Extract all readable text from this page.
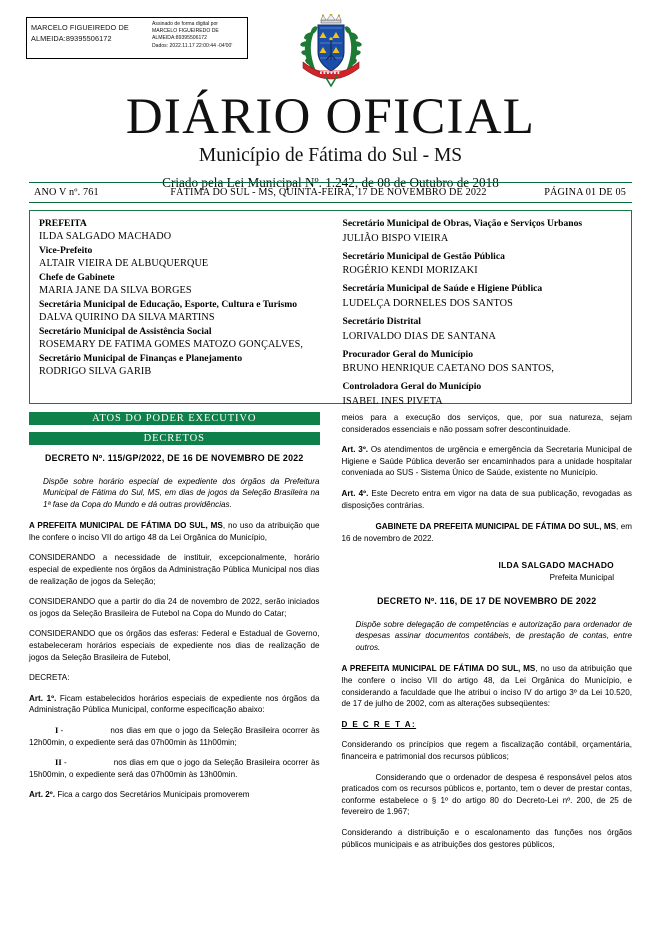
MARCELO FIGUEIREDO DE
ALMEIDA:89395506172
Assinado de forma digital por
MARCELO FIGUEIREDO DE
ALMEIDA:89395506172
Dados: 2022.11.17 22:00:44 -04'00'
DIÁRIO OFICIAL
Município de Fátima do Sul - MS
Criado pela Lei Municipal Nº. 1.242, de 08 de Outubro de 2018
ANO V nº. 761	FÁTIMA DO SUL - MS, QUINTA-FEIRA, 17 DE NOVEMBRO DE 2022	PÁGINA 01 DE 05
PREFEITA
ILDA SALGADO MACHADO
Vice-Prefeito
ALTAIR VIEIRA DE ALBUQUERQUE
Chefe de Gabinete
MARIA JANE DA SILVA BORGES
Secretária Municipal de Educação, Esporte, Cultura e Turismo
DALVA QUIRINO DA SILVA MARTINS
Secretário Municipal de Assistência Social
ROSEMARY DE FATIMA GOMES MATOZO GONÇALVES,
Secretário Municipal de Finanças e Planejamento
RODRIGO SILVA GARIB
Secretário Municipal de Obras, Viação e Serviços Urbanos
JULIÃO BISPO VIEIRA
Secretário Municipal de Gestão Pública
ROGÉRIO KENDI MORIZAKI
Secretária Municipal de Saúde e Higiene Pública
LUDELÇA DORNELES DOS SANTOS
Secretário Distrital
LORIVALDO DIAS DE SANTANA
Procurador Geral do Município
BRUNO HENRIQUE CAETANO DOS SANTOS,
Controladora Geral do Município
ISABEL INES PIVETA
ATOS DO PODER EXECUTIVO
DECRETOS
DECRETO Nº. 115/GP/2022, DE 16 DE NOVEMBRO DE 2022

Dispõe sobre horário especial de expediente dos órgãos da Prefeitura Municipal de Fátima do Sul, MS, em dias de jogos da Seleção Brasileira na 1ª fase da Copa do Mundo e dá outras providências.

A PREFEITA MUNICIPAL DE FÁTIMA DO SUL, MS, no uso da atribuição que lhe confere o inciso VII do artigo 48 da Lei Orgânica do Município,

CONSIDERANDO a necessidade de instituir, excepcionalmente, horário especial de expediente nos órgãos da Administração Pública Municipal nos dias de realização de jogos da Seleção;

CONSIDERANDO que a partir do dia 24 de novembro de 2022, serão iniciados os jogos da Seleção Brasileira de Futebol na Copa do Mundo do Catar;

CONSIDERANDO que os órgãos das esferas: Federal e Estadual de Governo, estabeleceram horários especiais de expediente nos dias de realização de jogos da Seleção Brasileira de Futebol,

DECRETA:

Art. 1º. Ficam estabelecidos horários especiais de expediente nos órgãos da Administração Pública Municipal, conforme especificação abaixo:

I -	nos dias em que o jogo da Seleção Brasileira ocorrer às 12h00min, o expediente será das 07h00min às 11h00min;

II -	nos dias em que o jogo da Seleção Brasileira ocorrer às 15h00min, o expediente será das 07h00min às 13h00min.

Art. 2º. Fica a cargo dos Secretários Municipais promoverem

meios para a execução dos serviços, que, por sua natureza, sejam considerados essenciais e não possam sofrer descontinuidade.

Art. 3º. Os atendimentos de urgência e emergência da Secretaria Municipal de Higiene e Saúde Pública deverão ser encaminhados para a unidade hospitalar conveniada ao SUS - Sistema Único de Saúde, existente no Município.

Art. 4º. Este Decreto entra em vigor na data de sua publicação, revogadas as disposições contrárias.

GABINETE DA PREFEITA MUNICIPAL DE FÁTIMA DO SUL, MS, em 16 de novembro de 2022.

ILDA SALGADO MACHADO

Prefeita Municipal

DECRETO Nº. 116, DE 17 DE NOVEMBRO DE 2022

Dispõe sobre delegação de competências e autorização para ordenador de despesas assinar documentos contábeis, de prestação de contas, entre outros.

A PREFEITA MUNICIPAL DE FÁTIMA DO SUL, MS, no uso da atribuição que lhe confere o inciso VII do artigo 48, da Lei Orgânica do Município, e considerando a faculdade que lhe atribui o inciso IV do artigo 3º da Lei 10.520, de 17 de julho de 2002, com as alterações subseqüentes:

D E C R E T A:

Considerando os princípios que regem a fiscalização contábil, orçamentária, financeira e patrimonial dos recursos públicos;

Considerando que o ordenador de despesa é responsável pelos atos praticados com os recursos públicos e, portanto, tem o dever de prestar contas, conforme estabelece o § 1º do artigo 80 do Decreto-Lei nº. 200, de 25 de fevereiro de 1.967;

Considerando a distribuição e o escalonamento das funções nos órgãos públicos municipais e as atribuições dos gestores públicos,
